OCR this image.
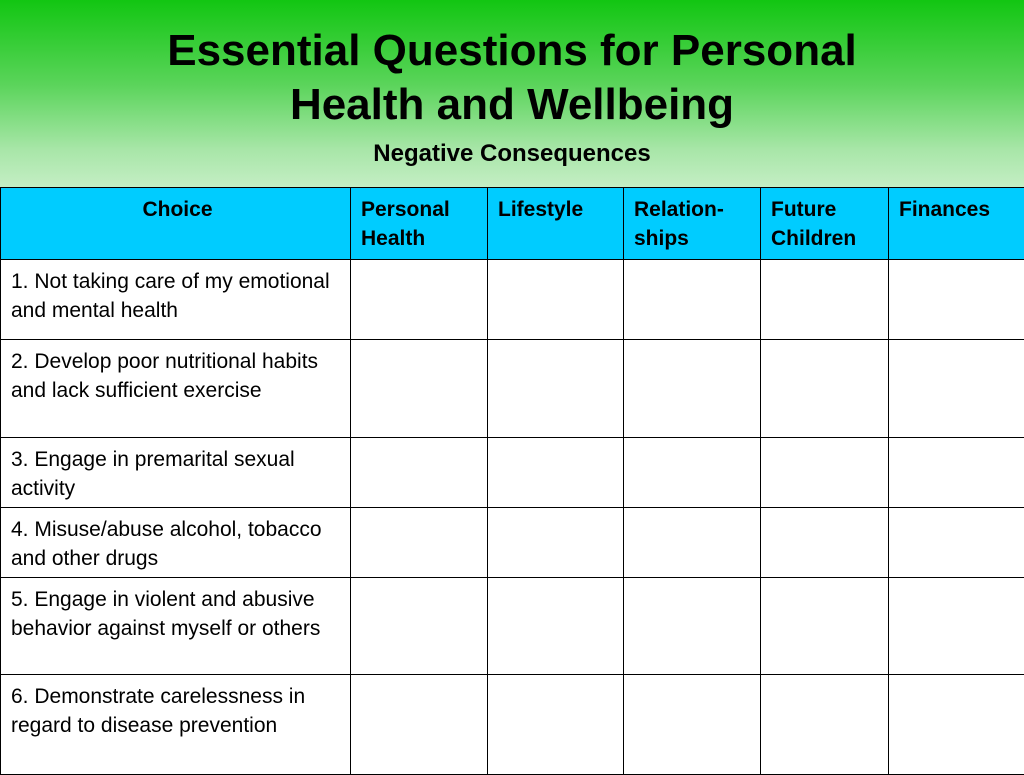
Essential Questions for Personal
Health and Wellbeing
Negative Consequences
Choice	Personal Health	Lifestyle	Relation-ships	Future Children	Finances
1. Not taking care of my emotional and mental health					
2. Develop poor nutritional habits and lack sufficient exercise					
3. Engage in premarital sexual activity					
4. Misuse/abuse alcohol, tobacco and other drugs					
5. Engage in violent and abusive behavior against myself or others					
6. Demonstrate carelessness in regard to disease prevention					
